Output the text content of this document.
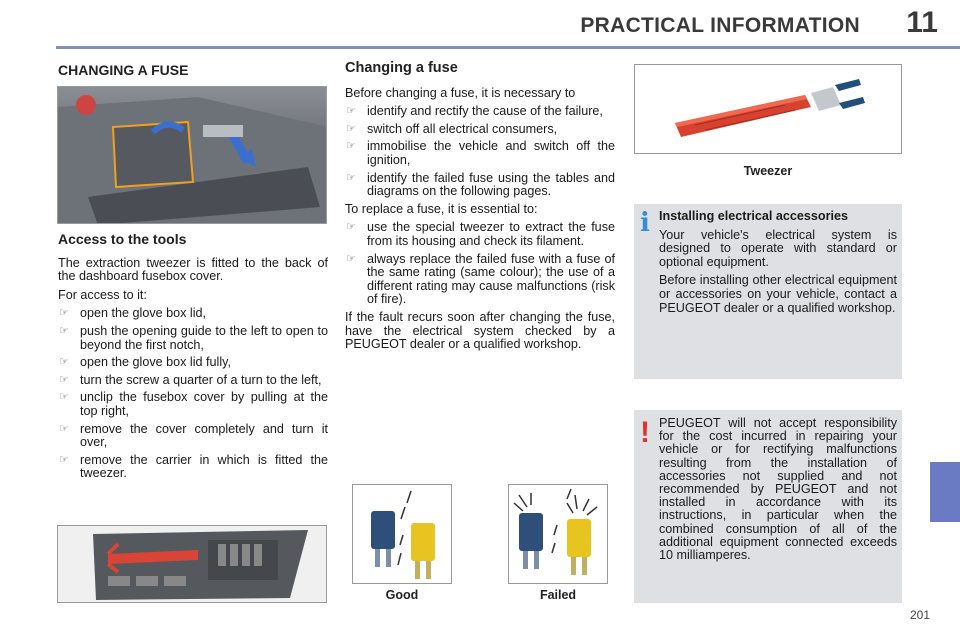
PRACTICAL INFORMATION 11
201
CHANGING A FUSE
Access to the tools

The extraction tweezer is fitted to the back of the dashboard fusebox cover.

For access to it:

☞ open the glove box lid,
☞ push the opening guide to the left to open to beyond the first notch,
☞ open the glove box lid fully,
☞ turn the screw a quarter of a turn to the left,
☞ unclip the fusebox cover by pulling at the top right,
☞ remove the cover completely and turn it over,
☞ remove the carrier in which is fitted the tweezer.
Changing a fuse

Before changing a fuse, it is necessary to

☞ identify and rectify the cause of the failure,
☞ switch off all electrical consumers,
☞ immobilise the vehicle and switch off the ignition,
☞ identify the failed fuse using the tables and diagrams on the following pages.

To replace a fuse, it is essential to:

☞ use the special tweezer to extract the fuse from its housing and check its filament.
☞ always replace the failed fuse with a fuse of the same rating (same colour); the use of a different rating may cause malfunctions (risk of fire).

If the fault recurs soon after changing the fuse, have the electrical system checked by a PEUGEOT dealer or a qualified workshop.

Good	Failed
Tweezer
i Installing electrical accessories

Your vehicle's electrical system is designed to operate with standard or optional equipment.

Before installing other electrical equipment or accessories on your vehicle, contact a PEUGEOT dealer or a qualified workshop.

! PEUGEOT will not accept responsibility for the cost incurred in repairing your vehicle or for rectifying malfunctions resulting from the installation of accessories not supplied and not recommended by PEUGEOT and not installed in accordance with its instructions, in particular when the combined consumption of all of the additional equipment connected exceeds 10 milliamperes.
